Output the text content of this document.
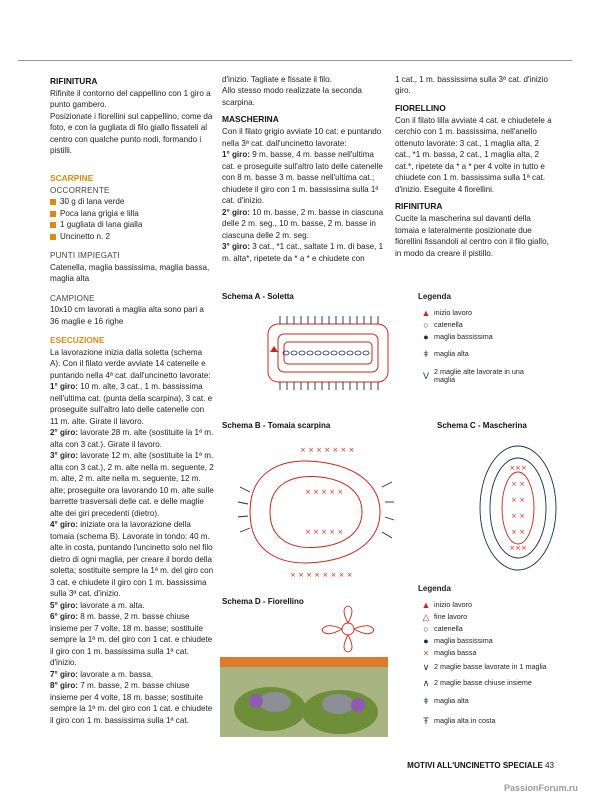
RIFINITURA

Rifinite il contorno del cappellino con 1 giro a punto gambero.

Posizionate i fiorellini sul cappellino, come da foto, e con la gugliata di filo giallo fissateli al centro con qualche punto nodi, formando i pistilli.

SCARPINE
OCCORRENTE
30 g di lana verde
Poca lana grigia e lilla
1 gugliata di lana gialla
Uncinetto n. 2
PUNTI IMPIEGATI

Catenella, maglia bassissima, maglia bassa, maglia alta

CAMPIONE

10x10 cm lavorati a maglia alta sono pari a 36 maglie e 16 righe

ESECUZIONE

La lavorazione inizia dalla soletta (schema A). Con il filato verde avviate 14 catenelle e puntando nella 4ª cat. dall'uncinetto lavorate:

1° giro: 10 m. alte, 3 cat., 1 m. bassissima nell'ultima cat. (punta della scarpina), 3 cat. e proseguite sull'altro lato delle catenelle con 11 m. alte. Girate il lavoro.

2° giro: lavorate 28 m. alte (sostituite la 1ª m. alta con 3 cat.). Girate il lavoro.

3° giro: lavorate 12 m. alte (sostituite la 1ª m. alta con 3 cat.), 2 m. alte nella m. seguente, 2 m. alte, 2 m. alte nella m. seguente, 12 m. alte; proseguite ora lavorando 10 m. alte sulle barrette trasversali delle cat. e delle maglie alte dei giri precedenti (dietro).

4° giro: iniziate ora la lavorazione della tomaia (schema B). Lavorate in tondo: 40 m. alte in costa, puntando l'uncinetto solo nel filo dietro di ogni maglia, per creare il bordo della soletta; sostituite sempre la 1ª m. del giro con 3 cat. e chiudete il giro con 1 m. bassissima sulla 3ª cat. d'inizio.

5° giro: lavorate a m. alta.

6° giro: 8 m. basse, 2 m. basse chiuse insieme per 7 volte, 18 m. basse; sostituite sempre la 1ª m. del giro con 1 cat. e chiudete il giro con 1 m. bassissima sulla 1ª cat. d'inizio.

7° giro: lavorate a m. bassa.

8° giro: 7 m. basse, 2 m. basse chiuse insieme per 4 volte, 18 m. basse; sostituite sempre la 1ª m. del giro con 1 cat. e chiudete il giro con 1 m. bassissima sulla 1ª cat.

d'inizio. Tagliate e fissate il filo.

Allo stesso modo realizzate la seconda scarpina.

MASCHERINA

Con il filato grigio avviate 10 cat. e puntando nella 3ª cat. dall'uncinetto lavorate:

1° giro: 9 m. basse, 4 m. basse nell'ultima cat. e proseguite sull'altro lato delle catenelle con 8 m. basse 3 m. basse nell'ultima cat.; chiudete il giro con 1 m. bassissima sulla 1ª cat. d'inizio.

2° giro: 10 m. basse, 2 m. basse in ciascuna delle 2 m. seg., 10 m. basse, 2 m. basse in ciascuna delle 2 m. seg.

3° giro: 3 cat., *1 cat., saltate 1 m. di base, 1 m. alta*, ripetete da * a * e chiudete con

1 cat., 1 m. bassissima sulla 3ª cat. d'inizio giro.

FIORELLINO

Con il filato lilla avviate 4 cat. e chiudetele a cerchio con 1 m. bassissima, nell'anello ottenuto lavorate: 3 cat., 1 maglia alta, 2 cat., *1 m. bassa, 2 cat., 1 maglia alta, 2 cat.*, ripetete da * a * per 4 volte in tutto e chiudete con 1 m. bassissima sulla 1ª cat. d'inizio. Eseguite 4 fiorellini.

RIFINITURA

Cucite la mascherina sul davanti della tomaia e lateralmente posizionate due fiorellini fissandoli al centro con il filo giallo, in modo da creare il pistillo.

Schema A - Soletta
Schema B - Tomaia scarpina	Schema C - Mascherina
Schema D - Fiorellino
Legenda
▲ inizio lavoro
○ catenella
● maglia bassissima
ǂ maglia alta
V 2 maglie alte lavorate in una maglia
× × × × × × ×
× × × × × × × ×
× × × × ×
× × × × ×
×××
× ×
× ×
× ×
× ×
×××
Legenda
▲ inizio lavoro
△ fine lavoro
○ catenella
● maglia bassissima
× maglia bassa
∨ 2 maglie basse lavorate in 1 maglia
∧ 2 maglie basse chiuse insieme
ǂ maglia alta
Ŧ maglia alta in costa
MOTIVI ALL'UNCINETTO SPECIALE 43
PassionForum.ru
